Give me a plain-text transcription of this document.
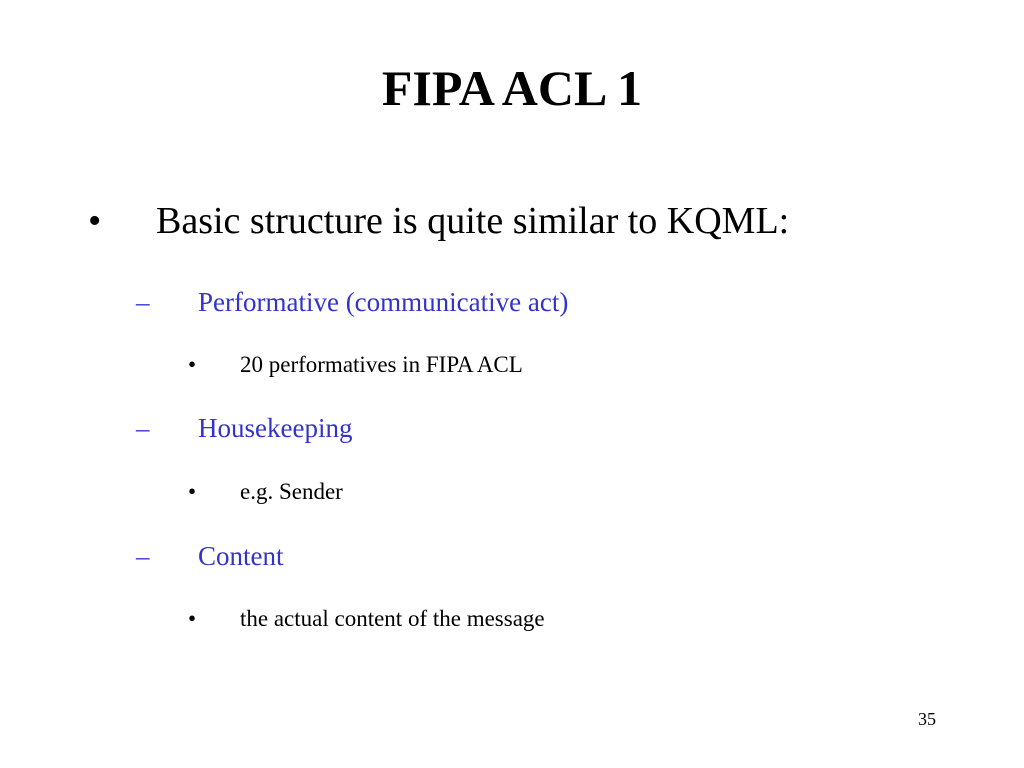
FIPA ACL 1
• Basic structure is quite similar to KQML:
– Performative (communicative act)
• 20 performatives in FIPA ACL
– Housekeeping
• e.g. Sender
– Content
• the actual content of the message
35
